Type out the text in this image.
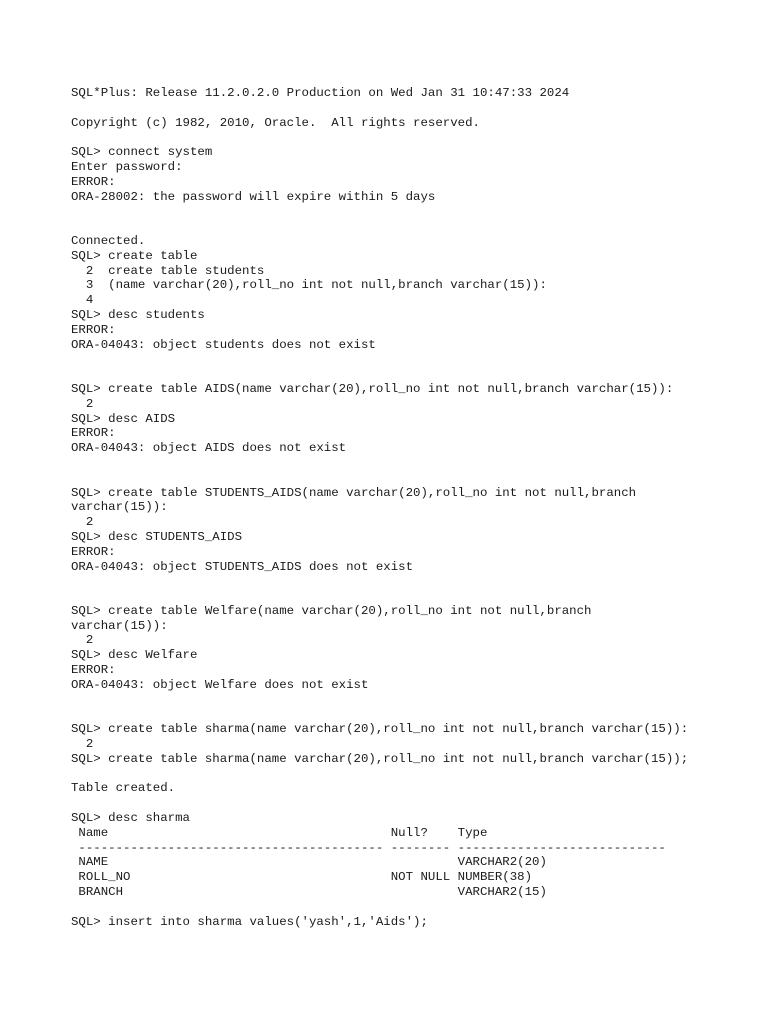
SQL*Plus: Release 11.2.0.2.0 Production on Wed Jan 31 10:47:33 2024
Copyright (c) 1982, 2010, Oracle.  All rights reserved.
SQL> connect system
Enter password:
ERROR:
ORA-28002: the password will expire within 5 days
Connected.
SQL> create table
2  create table students
3  (name varchar(20),roll_no int not null,branch varchar(15)):
4
SQL> desc students
ERROR:
ORA-04043: object students does not exist
SQL> create table AIDS(name varchar(20),roll_no int not null,branch varchar(15)):
2
SQL> desc AIDS
ERROR:
ORA-04043: object AIDS does not exist
SQL> create table STUDENTS_AIDS(name varchar(20),roll_no int not null,branch
varchar(15)):
2
SQL> desc STUDENTS_AIDS
ERROR:
ORA-04043: object STUDENTS_AIDS does not exist
SQL> create table Welfare(name varchar(20),roll_no int not null,branch
varchar(15)):
2
SQL> desc Welfare
ERROR:
ORA-04043: object Welfare does not exist
SQL> create table sharma(name varchar(20),roll_no int not null,branch varchar(15)):
2
SQL> create table sharma(name varchar(20),roll_no int not null,branch varchar(15));
Table created.
SQL> desc sharma
Name                                      Null?    Type
----------------------------------------- -------- ----------------------------
NAME                                               VARCHAR2(20)
ROLL_NO                                   NOT NULL NUMBER(38)
BRANCH                                             VARCHAR2(15)
SQL> insert into sharma values('yash',1,'Aids');
